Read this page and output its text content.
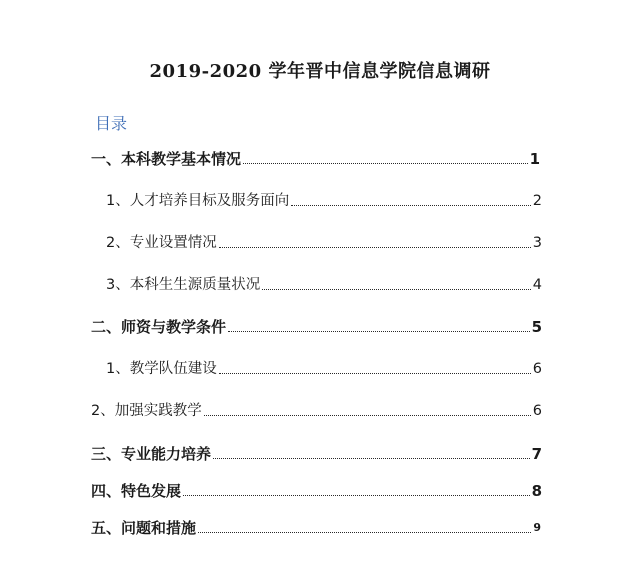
2019-2020 学年晋中信息学院信息调研
目录
一、本科教学基本情况	1
1、人才培养目标及服务面向	2
2、专业设置情况	3
3、本科生生源质量状况	4
二、师资与教学条件	5
1、教学队伍建设	6
2、加强实践教学	6
三、专业能力培养	7
四、特色发展	8
五、问题和措施	9
